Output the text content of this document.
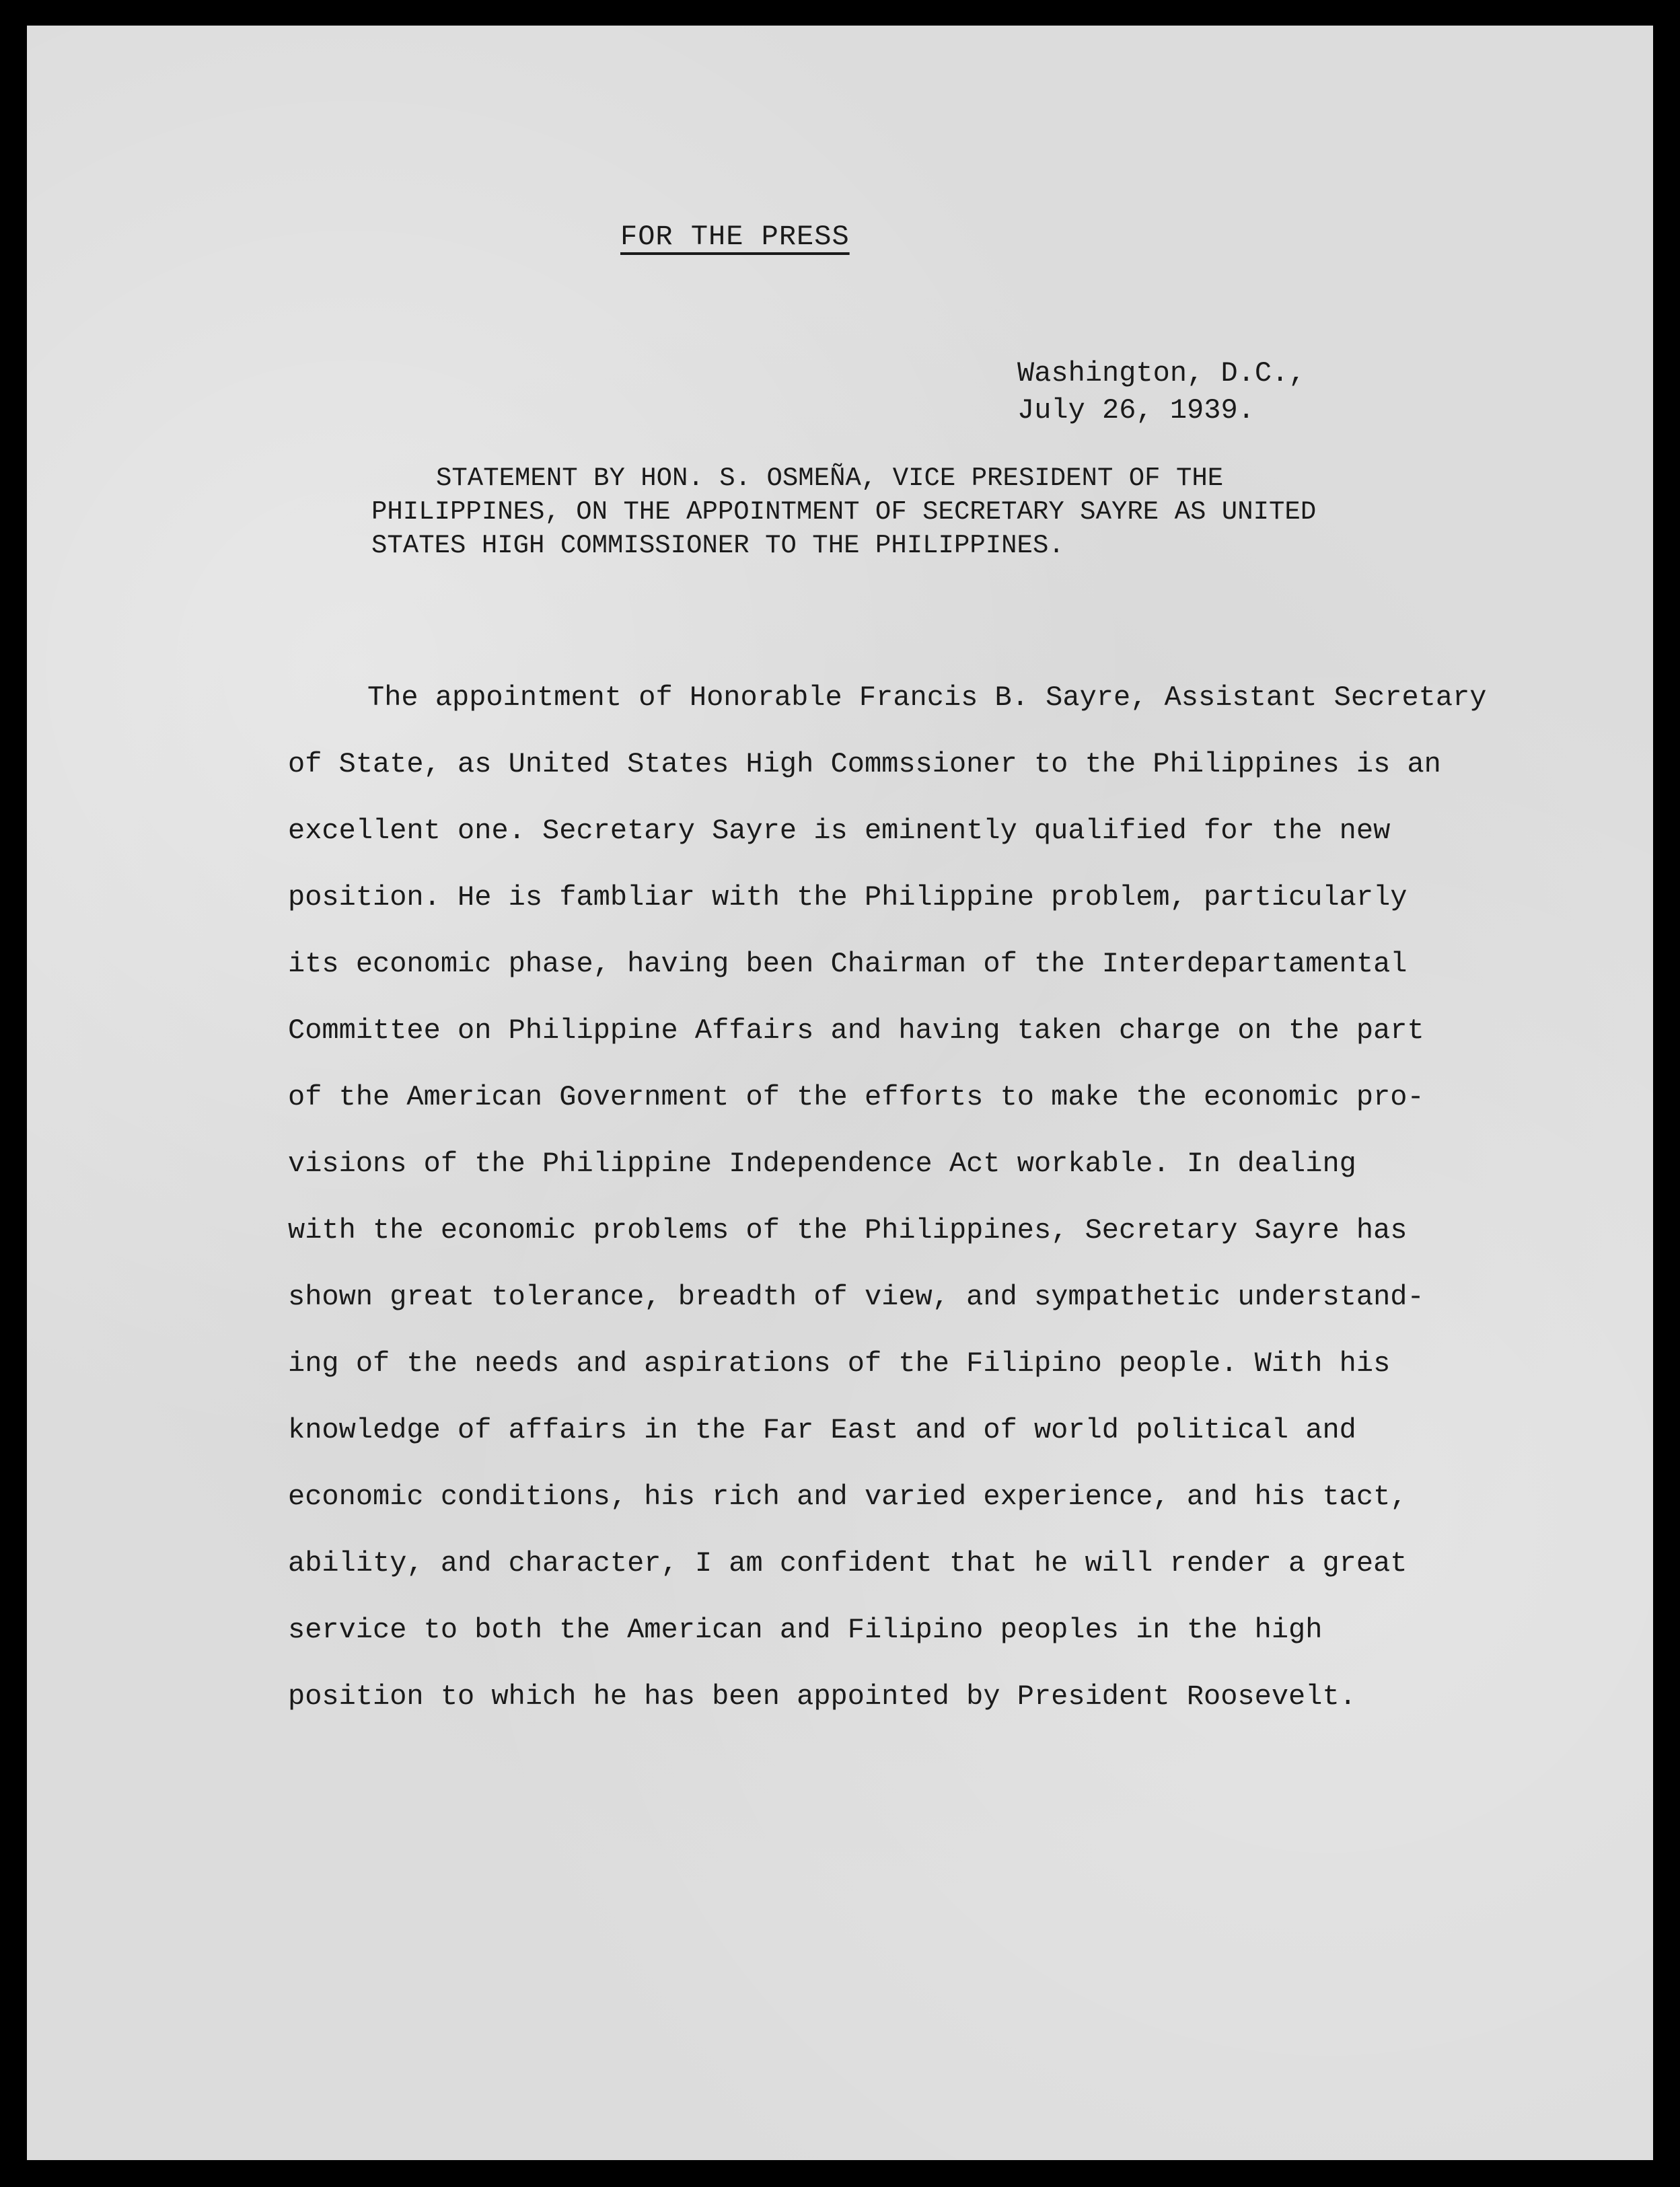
FOR THE PRESS
Washington, D.C.,
July 26, 1939.
STATEMENT BY HON. S. OSMEÑA, VICE PRESIDENT OF THE
PHILIPPINES, ON THE APPOINTMENT OF SECRETARY SAYRE AS UNITED
STATES HIGH COMMISSIONER TO THE PHILIPPINES.
The appointment of Honorable Francis B. Sayre, Assistant Secretary
of State, as United States High Commssioner to the Philippines is an
excellent one. Secretary Sayre is eminently qualified for the new
position. He is fambliar with the Philippine problem, particularly
its economic phase, having been Chairman of the Interdepartamental
Committee on Philippine Affairs and having taken charge on the part
of the American Government of the efforts to make the economic pro-
visions of the Philippine Independence Act workable. In dealing
with the economic problems of the Philippines, Secretary Sayre has
shown great tolerance, breadth of view, and sympathetic understand-
ing of the needs and aspirations of the Filipino people. With his
knowledge of affairs in the Far East and of world political and
economic conditions, his rich and varied experience, and his tact,
ability, and character, I am confident that he will render a great
service to both the American and Filipino peoples in the high
position to which he has been appointed by President Roosevelt.
